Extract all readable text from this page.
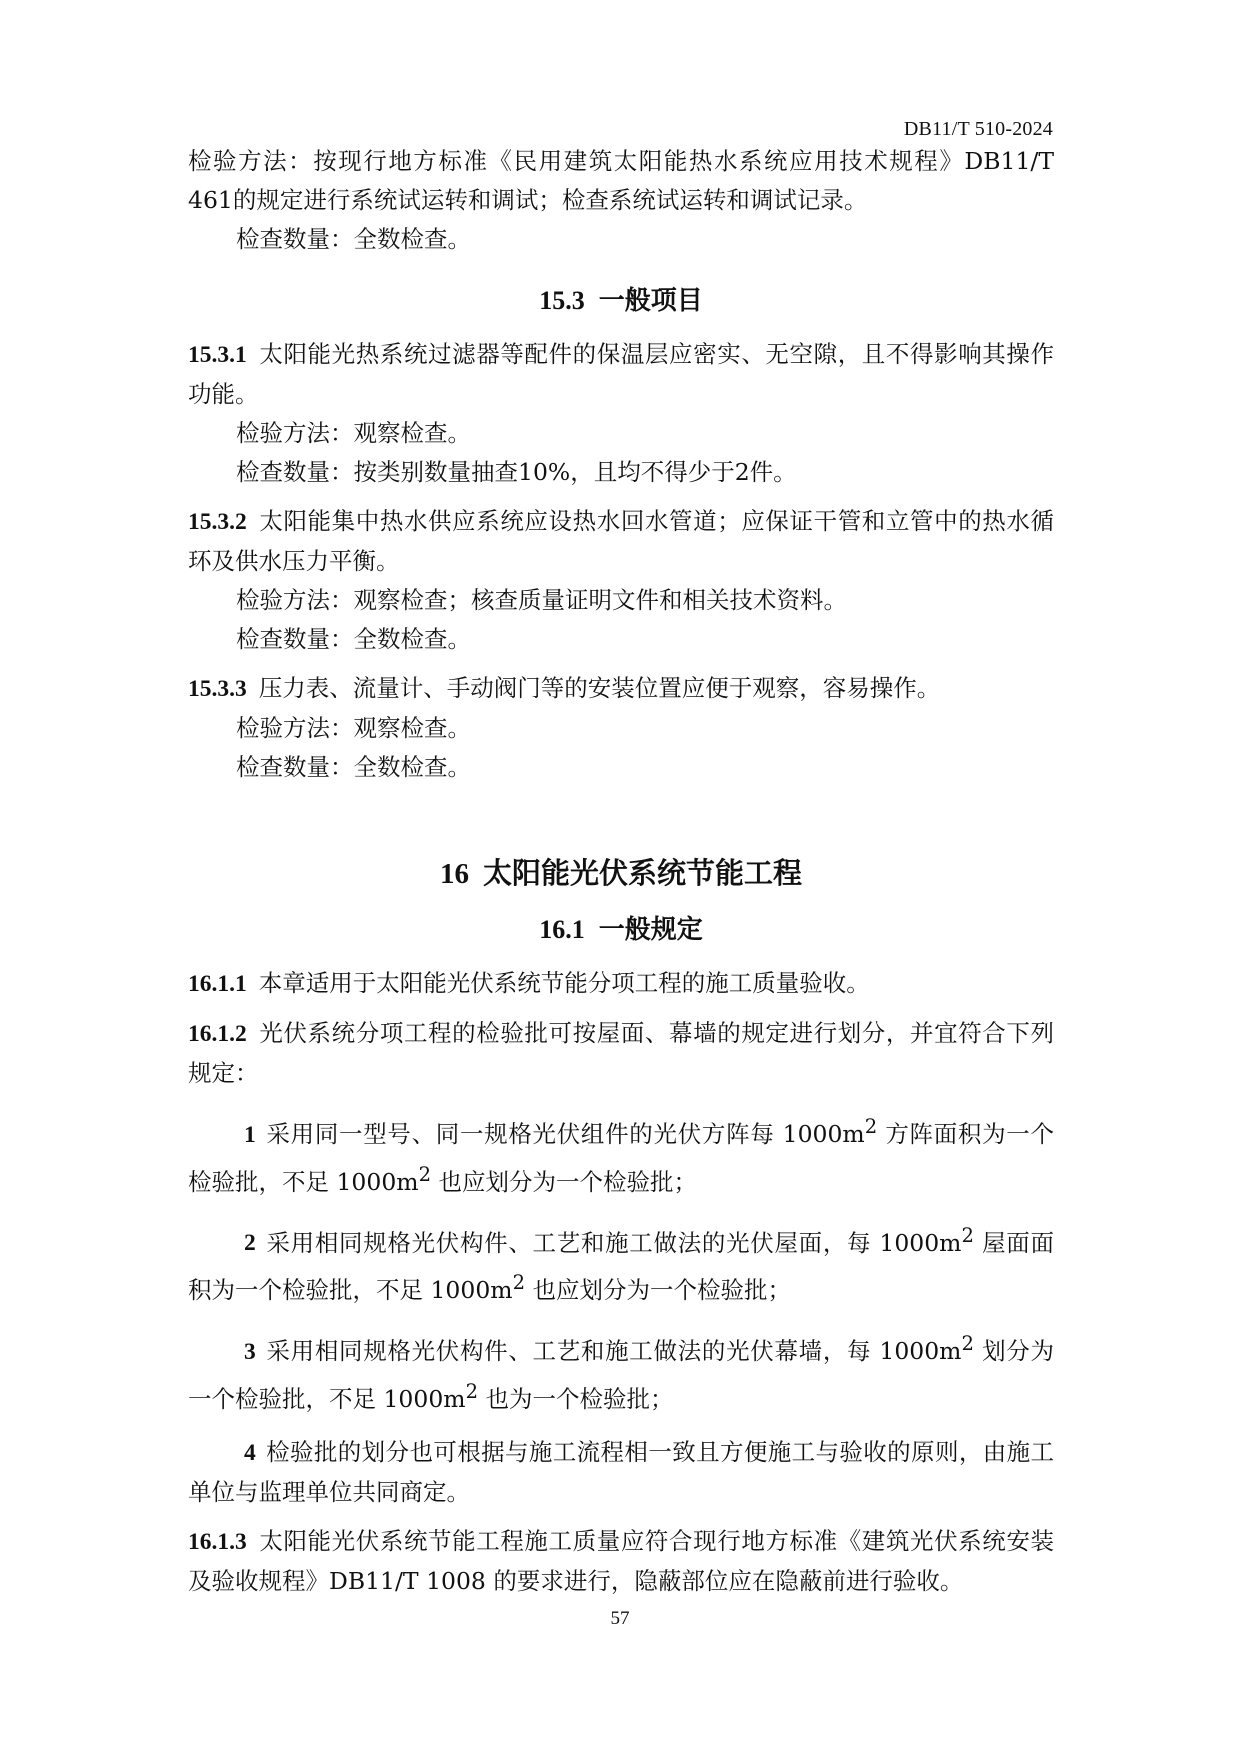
DB11/T 510-2024

检验方法：按现行地方标准《民用建筑太阳能热水系统应用技术规程》DB11/T 461的规定进行系统试运转和调试；检查系统试运转和调试记录。

检查数量：全数检查。

15.3 一般项目

15.3.1 太阳能光热系统过滤器等配件的保温层应密实、无空隙，且不得影响其操作功能。

检验方法：观察检查。

检查数量：按类别数量抽查10%，且均不得少于2件。

15.3.2 太阳能集中热水供应系统应设热水回水管道；应保证干管和立管中的热水循环及供水压力平衡。

检验方法：观察检查；核查质量证明文件和相关技术资料。

检查数量：全数检查。

15.3.3 压力表、流量计、手动阀门等的安装位置应便于观察，容易操作。

检验方法：观察检查。

检查数量：全数检查。

16 太阳能光伏系统节能工程
16.1 一般规定

16.1.1 本章适用于太阳能光伏系统节能分项工程的施工质量验收。

16.1.2 光伏系统分项工程的检验批可按屋面、幕墙的规定进行划分，并宜符合下列规定：

1 采用同一型号、同一规格光伏组件的光伏方阵每 $1000m^2$ 方阵面积为一个检验批，不足 $1000m^2$ 也应划分为一个检验批；

2 采用相同规格光伏构件、工艺和施工做法的光伏屋面，每 $1000m^2$ 屋面面积为一个检验批，不足 $1000m^2$ 也应划分为一个检验批；

3 采用相同规格光伏构件、工艺和施工做法的光伏幕墙，每 $1000m^2$ 划分为一个检验批，不足 $1000m^2$ 也为一个检验批；

4 检验批的划分也可根据与施工流程相一致且方便施工与验收的原则，由施工单位与监理单位共同商定。

16.1.3 太阳能光伏系统节能工程施工质量应符合现行地方标准《建筑光伏系统安装及验收规程》DB11/T 1008 的要求进行，隐蔽部位应在隐蔽前进行验收。

57
